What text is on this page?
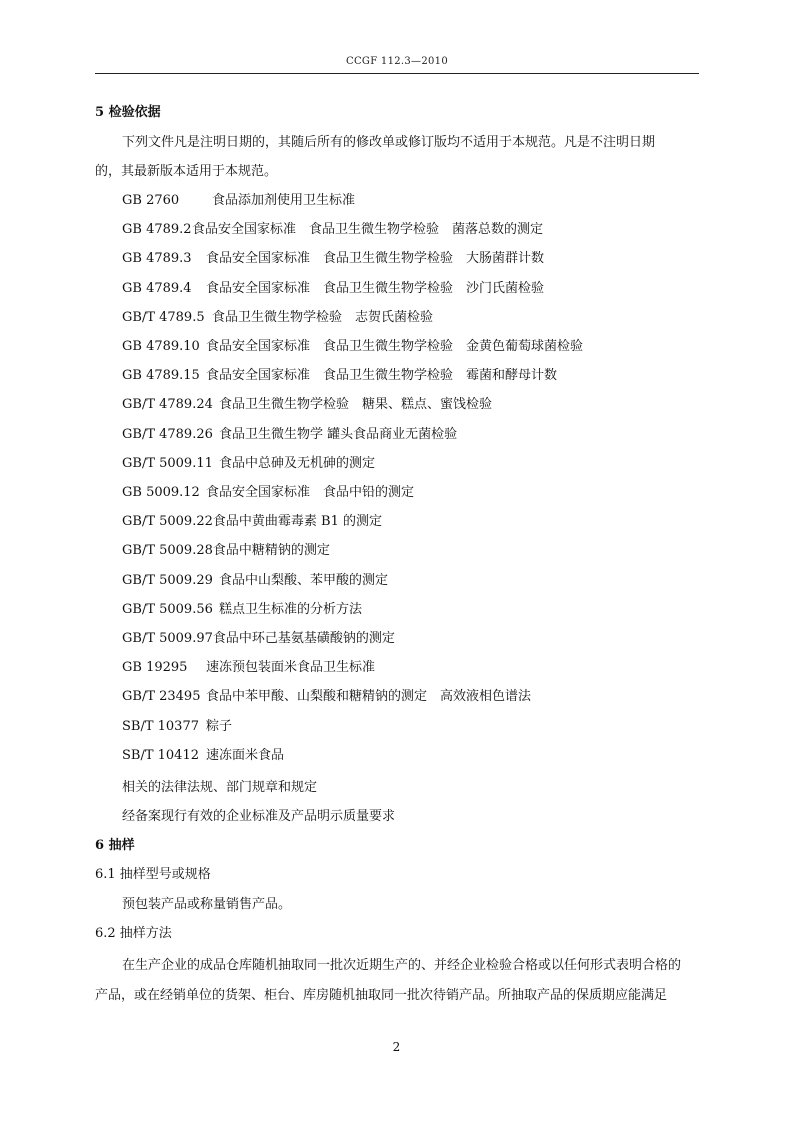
CCGF 112.3—2010
5 检验依据
下列文件凡是注明日期的，其随后所有的修改单或修订版均不适用于本规范。凡是不注明日期
的，其最新版本适用于本规范。
GB 2760	食品添加剂使用卫生标准
GB 4789.2食品安全国家标准　食品卫生微生物学检验　菌落总数的测定
GB 4789.3 食品安全国家标准　食品卫生微生物学检验　大肠菌群计数
GB 4789.4 食品安全国家标准　食品卫生微生物学检验　沙门氏菌检验
GB/T 4789.5 食品卫生微生物学检验　志贺氏菌检验
GB 4789.10 食品安全国家标准　食品卫生微生物学检验　金黄色葡萄球菌检验
GB 4789.15 食品安全国家标准　食品卫生微生物学检验　霉菌和酵母计数
GB/T 4789.24 食品卫生微生物学检验　糖果、糕点、蜜饯检验
GB/T 4789.26 食品卫生微生物学 罐头食品商业无菌检验
GB/T 5009.11 食品中总砷及无机砷的测定
GB 5009.12 食品安全国家标准　食品中铅的测定
GB/T 5009.22食品中黄曲霉毒素 B1 的测定
GB/T 5009.28食品中糖精钠的测定
GB/T 5009.29 食品中山梨酸、苯甲酸的测定
GB/T 5009.56 糕点卫生标准的分析方法
GB/T 5009.97食品中环己基氨基磺酸钠的测定
GB 19295 速冻预包装面米食品卫生标准
GB/T 23495 食品中苯甲酸、山梨酸和糖精钠的测定　高效液相色谱法
SB/T 10377 粽子
SB/T 10412 速冻面米食品
相关的法律法规、部门规章和规定
经备案现行有效的企业标准及产品明示质量要求
6 抽样
6.1 抽样型号或规格
预包装产品或称量销售产品。
6.2 抽样方法
在生产企业的成品仓库随机抽取同一批次近期生产的、并经企业检验合格或以任何形式表明合格的
产品，或在经销单位的货架、柜台、库房随机抽取同一批次待销产品。所抽取产品的保质期应能满足
2
